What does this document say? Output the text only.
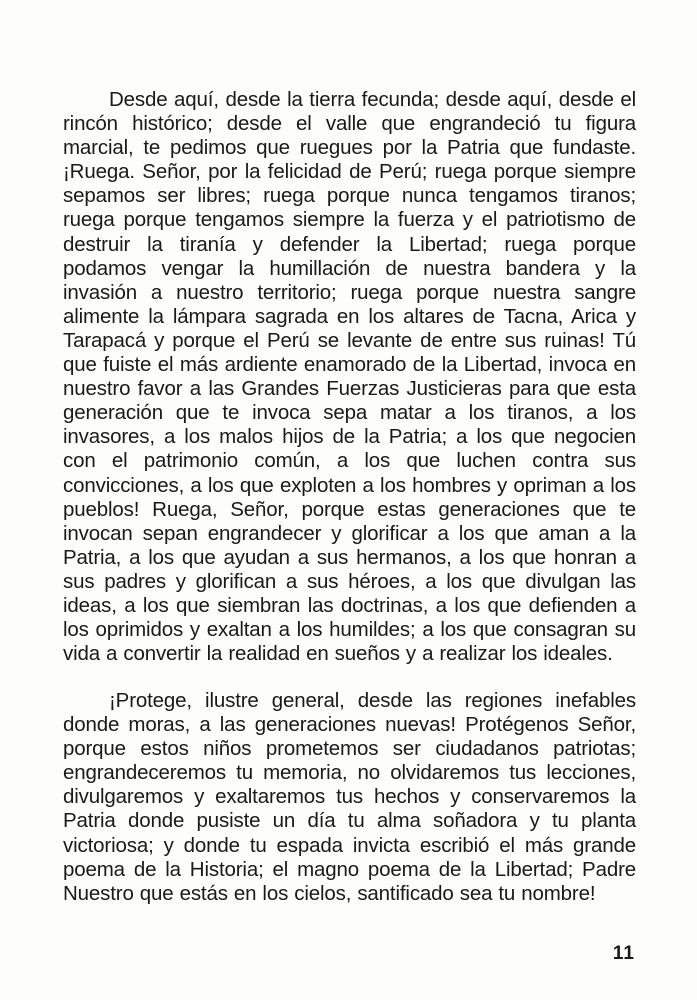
Desde aquí, desde la tierra fecunda; desde aquí, desde el rincón histórico; desde el valle que engrandeció tu figura marcial, te pedimos que ruegues por la Patria que fundaste. ¡Ruega. Señor, por la felicidad de Perú; ruega porque siempre sepamos ser libres; ruega porque nunca tengamos tiranos; ruega porque tengamos siempre la fuerza y el patriotismo de destruir la tiranía y defender la Libertad; ruega porque podamos vengar la humillación de nuestra bandera y la invasión a nuestro territorio; ruega porque nuestra sangre alimente la lámpara sagrada en los altares de Tacna, Arica y Tarapacá y porque el Perú se levante de entre sus ruinas! Tú que fuiste el más ardiente enamorado de la Libertad, invoca en nuestro favor a las Grandes Fuerzas Justicieras para que esta generación que te invoca sepa matar a los tiranos, a los invasores, a los malos hijos de la Patria; a los que negocien con el patrimonio común, a los que luchen contra sus convicciones, a los que exploten a los hombres y opriman a los pueblos! Ruega, Señor, porque estas generaciones que te invocan sepan engrandecer y glorificar a los que aman a la Patria, a los que ayudan a sus hermanos, a los que honran a sus padres y glorifican a sus héroes, a los que divulgan las ideas, a los que siembran las doctrinas, a los que defienden a los oprimidos y exaltan a los humildes; a los que consagran su vida a convertir la realidad en sueños y a realizar los ideales.

¡Protege, ilustre general, desde las regiones inefables donde moras, a las generaciones nuevas! Protégenos Señor, porque estos niños prometemos ser ciudadanos patriotas; engrandeceremos tu memoria, no olvidaremos tus lecciones, divulgaremos y exaltaremos tus hechos y conservaremos la Patria donde pusiste un día tu alma soñadora y tu planta victoriosa; y donde tu espada invicta escribió el más grande poema de la Historia; el magno poema de la Libertad; Padre Nuestro que estás en los cielos, santificado sea tu nombre!

11
